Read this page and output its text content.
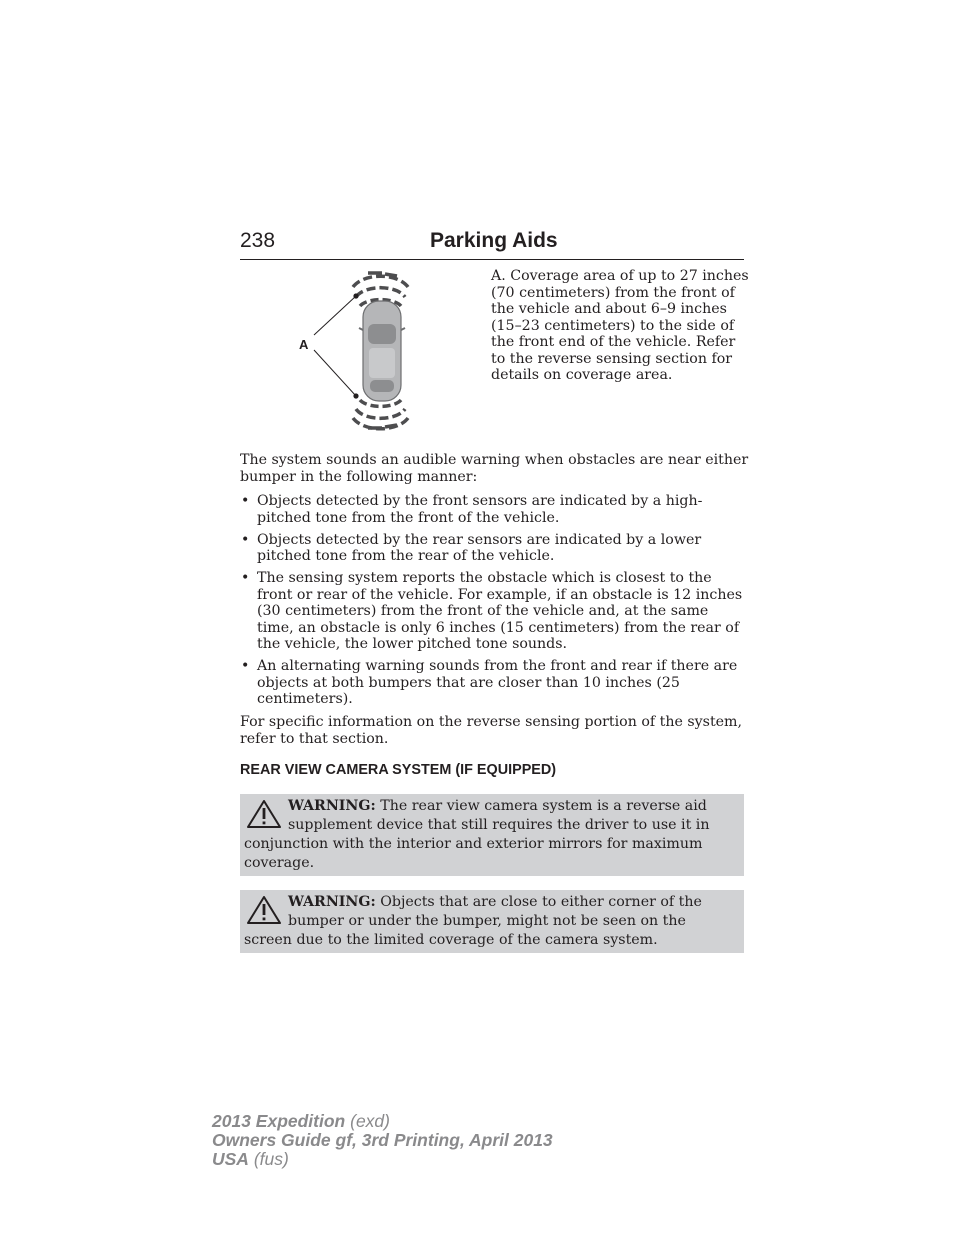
238	Parking Aids
A
A. Coverage area of up to 27 inches (70 centimeters) from the front of the vehicle and about 6–9 inches (15–23 centimeters) to the side of the front end of the vehicle. Refer to the reverse sensing section for details on coverage area.

The system sounds an audible warning when obstacles are near either bumper in the following manner:

• Objects detected by the front sensors are indicated by a high-pitched tone from the front of the vehicle.
• Objects detected by the rear sensors are indicated by a lower pitched tone from the rear of the vehicle.
• The sensing system reports the obstacle which is closest to the front or rear of the vehicle. For example, if an obstacle is 12 inches (30 centimeters) from the front of the vehicle and, at the same time, an obstacle is only 6 inches (15 centimeters) from the rear of the vehicle, the lower pitched tone sounds.
• An alternating warning sounds from the front and rear if there are objects at both bumpers that are closer than 10 inches (25 centimeters).

For specific information on the reverse sensing portion of the system, refer to that section.

REAR VIEW CAMERA SYSTEM (IF EQUIPPED)
WARNING: The rear view camera system is a reverse aid supplement device that still requires the driver to use it in conjunction with the interior and exterior mirrors for maximum coverage.
WARNING: Objects that are close to either corner of the bumper or under the bumper, might not be seen on the screen due to the limited coverage of the camera system.
2013 Expedition (exd)
Owners Guide gf, 3rd Printing, April 2013
USA (fus)
